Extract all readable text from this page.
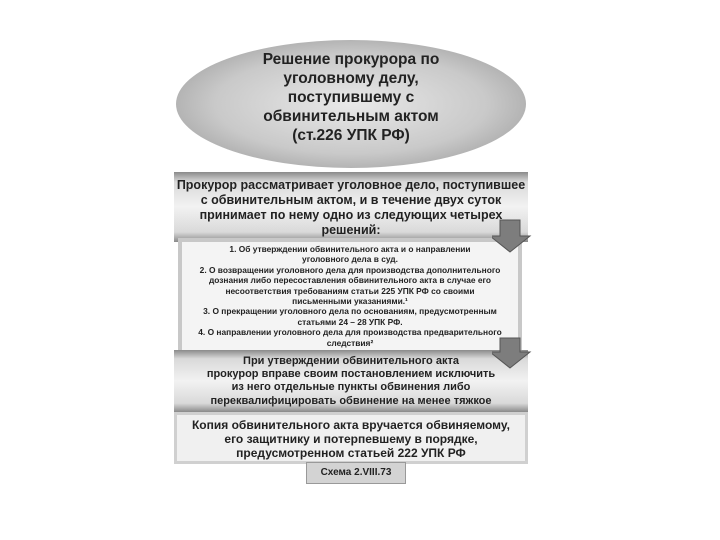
Решение прокурора по
уголовному делу,
поступившему с
обвинительным актом
(ст.226 УПК РФ)
Прокурор рассматривает уголовное дело, поступившее
с обвинительным актом, и в течение двух суток
принимает по нему одно из следующих четырех
решений:
1. Об утверждении обвинительного акта и о направлении
уголовного дела в суд.
2. О возвращении уголовного дела для производства дополнительного
дознания либо пересоставления обвинительного акта в случае его
несоответствия требованиям статьи 225 УПК РФ со своими
письменными указаниями.¹
3. О прекращении уголовного дела по основаниям, предусмотренным
статьями 24 – 28 УПК РФ.
4. О направлении уголовного дела для производства предварительного
следствия²
При утверждении обвинительного акта
прокурор вправе своим постановлением исключить
из него отдельные пункты обвинения либо
переквалифицировать обвинение на менее тяжкое
Копия обвинительного акта вручается обвиняемому,
его защитнику и потерпевшему в порядке,
предусмотренном статьей 222 УПК РФ
Схема 2.VIII.73
